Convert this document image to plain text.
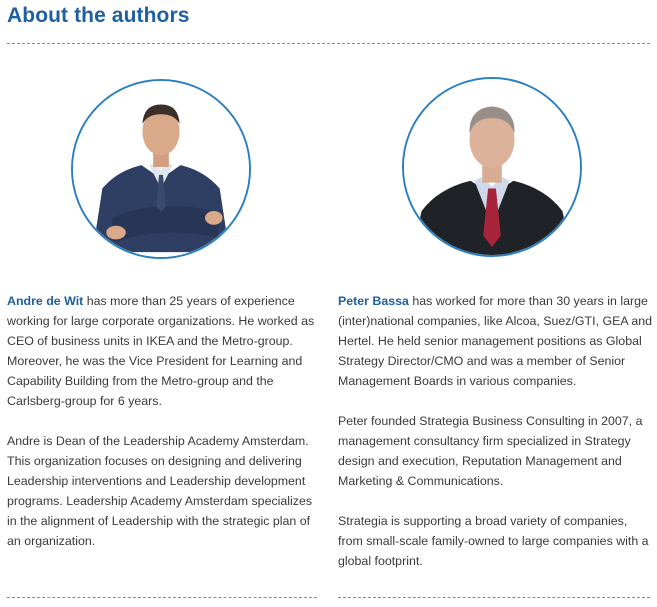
About the authors

Andre de Wit has more than 25 years of experience working for large corporate organizations. He worked as CEO of business units in IKEA and the Metro-group. Moreover, he was the Vice President for Learning and Capability Building from the Metro-group and the Carlsberg-group for 6 years.

Andre is Dean of the Leadership Academy Amsterdam. This organization focuses on designing and delivering Leadership interventions and Leadership development programs. Leadership Academy Amsterdam specializes in the alignment of Leadership with the strategic plan of an organization.

Peter Bassa has worked for more than 30 years in large (inter)national companies, like Alcoa, Suez/GTI, GEA and Hertel. He held senior management positions as Global Strategy Director/CMO and was a member of Senior Management Boards in various companies.

Peter founded Strategia Business Consulting in 2007, a management consultancy firm specialized in Strategy design and execution, Reputation Management and Marketing & Communications.

Strategia is supporting a broad variety of companies, from small-scale family-owned to large companies with a global footprint.
